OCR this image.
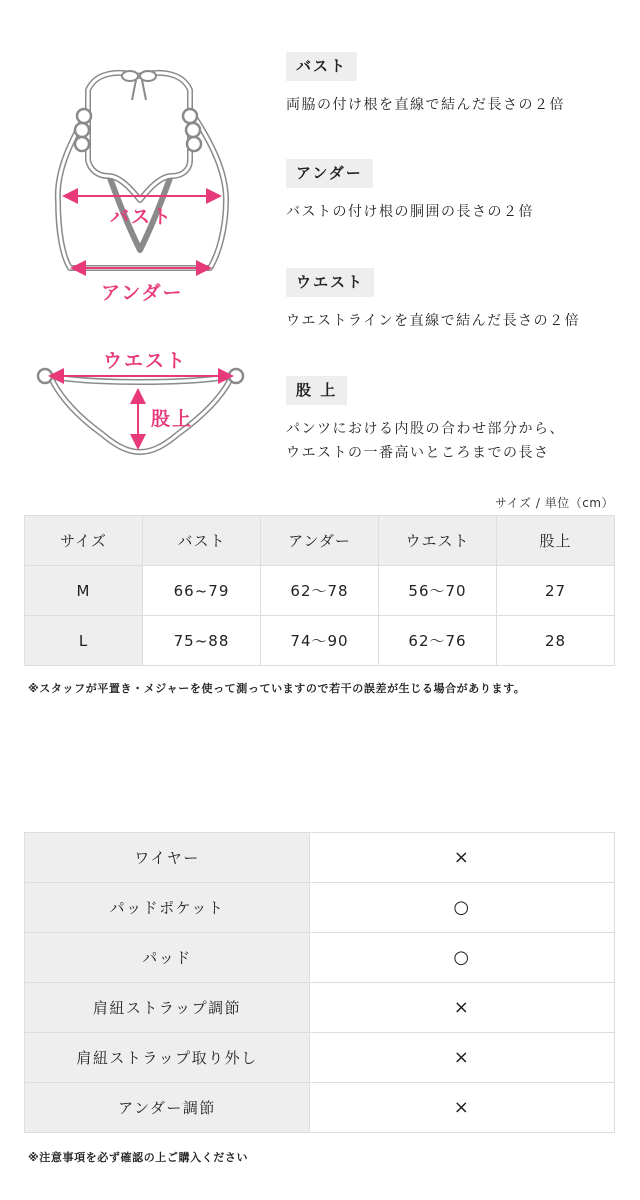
バスト
アンダー
ウエスト
股上
バスト
両脇の付け根を直線で結んだ長さの２倍
アンダー
バストの付け根の胴囲の長さの２倍
ウエスト
ウエストラインを直線で結んだ長さの２倍
股 上
パンツにおける内股の合わせ部分から、
ウエストの一番高いところまでの長さ
サイズ / 単位（cm）
サイズ	バスト	アンダー	ウエスト	股上
M	66~79	62～78	56～70	27
L	75~88	74～90	62～76	28
※スタッフが平置き・メジャーを使って測っていますので若干の誤差が生じる場合があります。
ワイヤー	×
パッドポケット	○
パッド	○
肩紐ストラップ調節	×
肩紐ストラップ取り外し	×
アンダー調節	×
※注意事項を必ず確認の上ご購入ください
